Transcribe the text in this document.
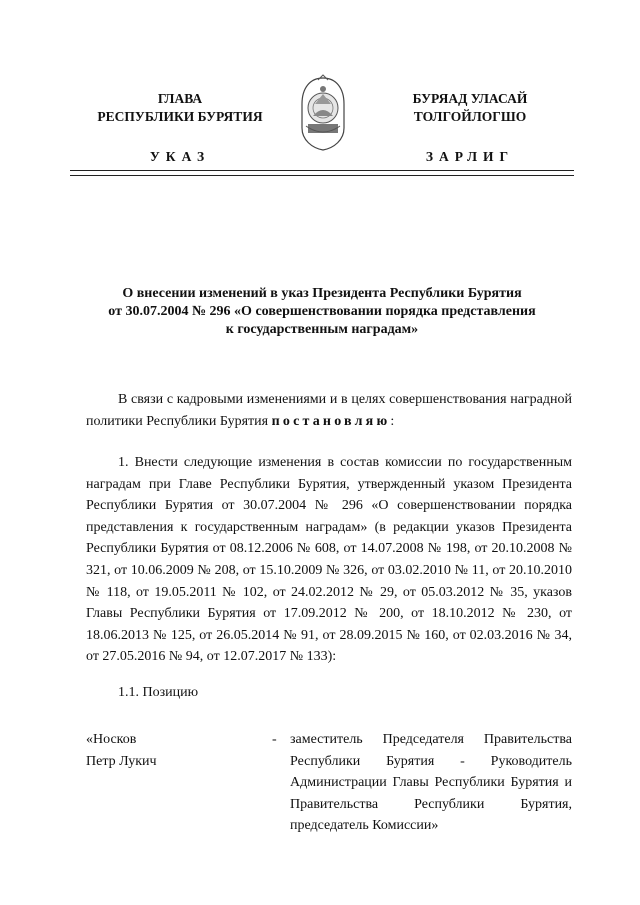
ГЛАВА
РЕСПУБЛИКИ БУРЯТИЯ
УКАЗ
БУРЯАД УЛАСАЙ
ТОЛГОЙЛОГШО
ЗАРЛИГ
О внесении изменений в указ Президента Республики Бурятия
от 30.07.2004 № 296 «О совершенствовании порядка представления
к государственным наградам»
В связи с кадровыми изменениями и в целях совершенствования наградной политики Республики Бурятия постановляю:
1. Внести следующие изменения в состав комиссии по государственным наградам при Главе Республики Бурятия, утвержденный указом Президента Республики Бурятия от 30.07.2004 № 296 «О совершенствовании порядка представления к государственным наградам» (в редакции указов Президента Республики Бурятия от 08.12.2006 № 608, от 14.07.2008 № 198, от 20.10.2008 № 321, от 10.06.2009 № 208, от 15.10.2009 № 326, от 03.02.2010 № 11, от 20.10.2010 № 118, от 19.05.2011 № 102, от 24.02.2012 № 29, от 05.03.2012 № 35, указов Главы Республики Бурятия от 17.09.2012 № 200, от 18.10.2012 № 230, от 18.06.2013 № 125, от 26.05.2014 № 91, от 28.09.2015 № 160, от 02.03.2016 № 34, от 27.05.2016 № 94, от 12.07.2017 № 133):
1.1. Позицию
«Носков
Петр Лукич
- заместитель Председателя Правительства Республики Бурятия - Руководитель Администрации Главы Республики Бурятия и Правительства Республики Бурятия, председатель Комиссии»
